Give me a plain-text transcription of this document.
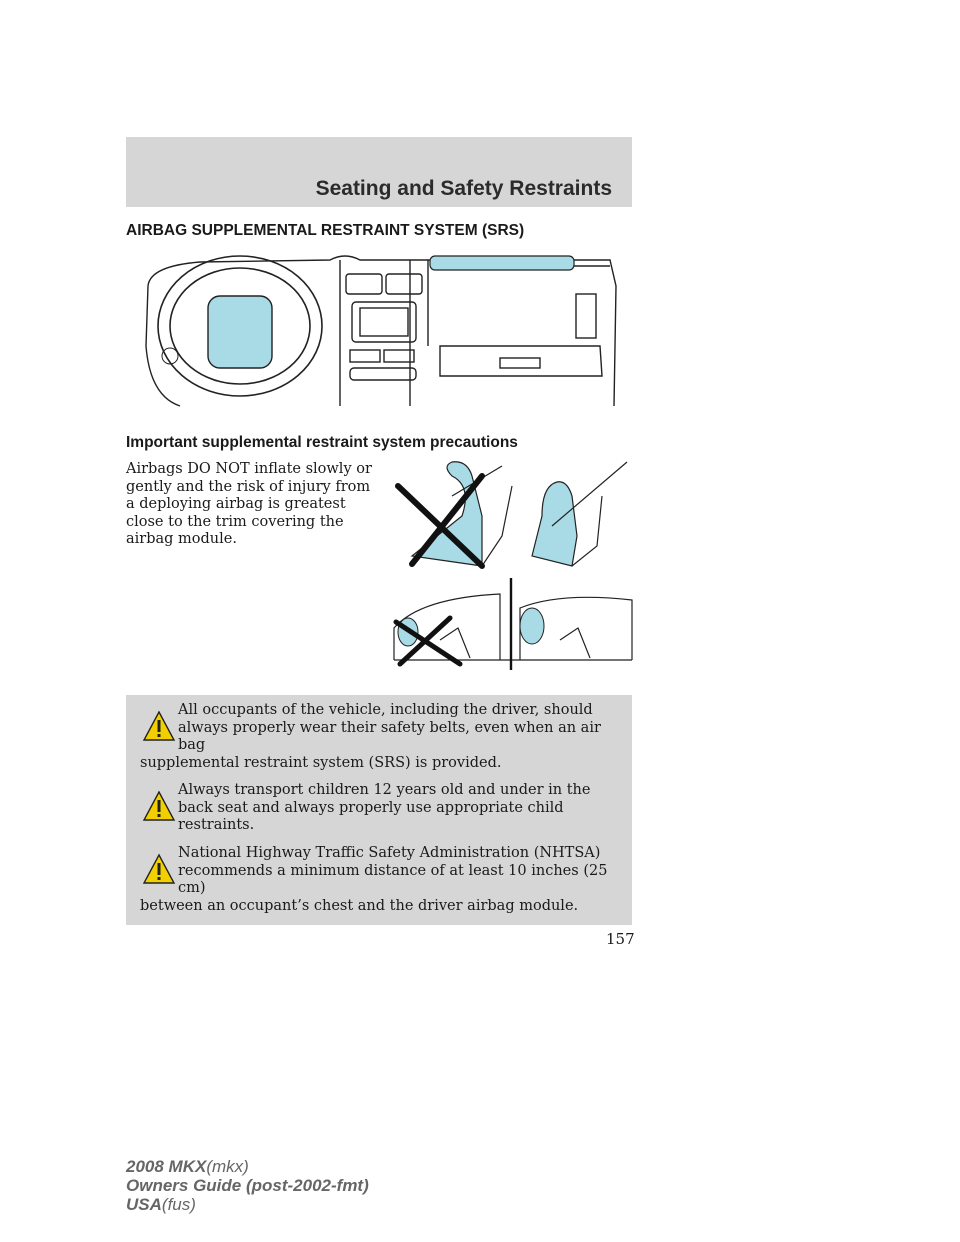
Seating and Safety Restraints
AIRBAG SUPPLEMENTAL RESTRAINT SYSTEM (SRS)
Important supplemental restraint system precautions

Airbags DO NOT inflate slowly or gently and the risk of injury from a deploying airbag is greatest close to the trim covering the airbag module.

All occupants of the vehicle, including the driver, should always properly wear their safety belts, even when an air bag

supplemental restraint system (SRS) is provided.

Always transport children 12 years old and under in the back seat and always properly use appropriate child restraints.

National Highway Traffic Safety Administration (NHTSA) recommends a minimum distance of at least 10 inches (25 cm)

between an occupant’s chest and the driver airbag module.

157

2008 MKX(mkx)
Owners Guide (post-2002-fmt)
USA(fus)
